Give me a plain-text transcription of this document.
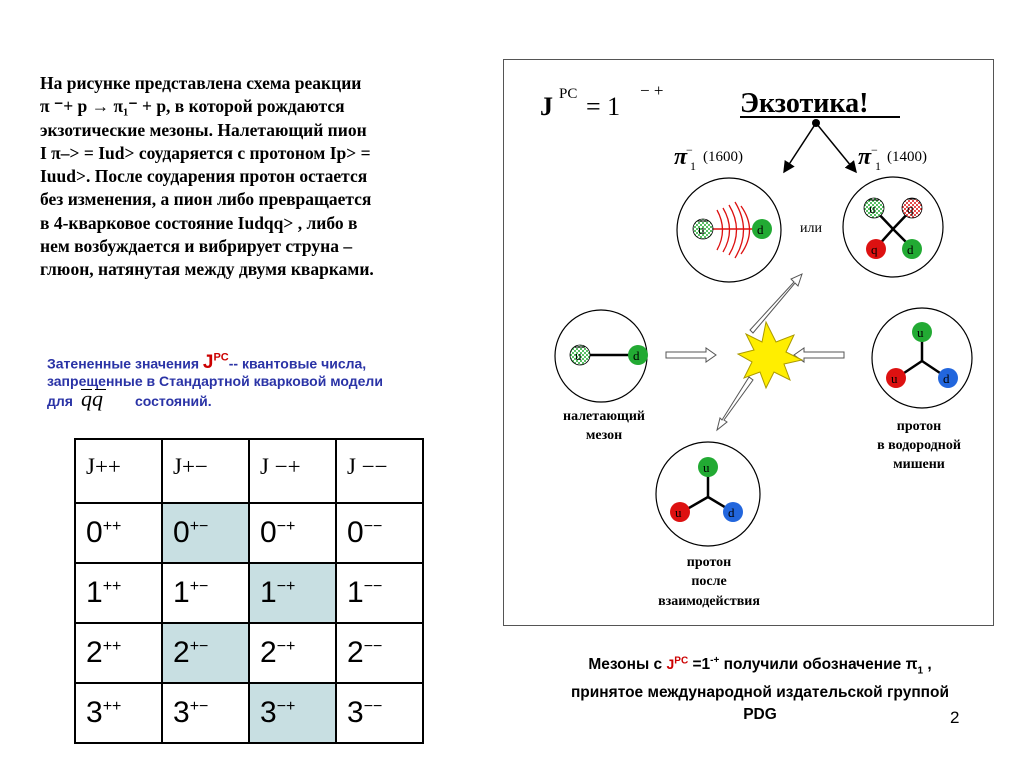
На рисунке представлена схема реакции
π ⁻+ p → π₁⁻ + p, в которой рождаются
экзотические мезоны. Налетающий пион
I π–> = Iud> соударяется с протоном Ip> =
Iuud>. После соударения протон остается
без изменения, а пион либо превращается
в 4-кварковое состояние Iudqq> , либо в
нем возбуждается и вибрирует струна –
глюон, натянутая между двумя кварками.
Затененные значения $J^{PC}--$ квантовые числа,
запрещенные в Стандартной кварковой модели
для qq состояний.
J++	J+−	J −+	J −−
0++	0+−	0−+	0−−
1++	1+−	1−+	1−−
2++	2+−	2−+	2−−
3++	3+−	3−+	3−−
J PC = 1
− +	Экзотика!
π
−
1
(1600)	π −
1
(1400)
u	d	или
u q
q d
u	d
налетающий
мезон
u
u	d
протон
в водородной
мишени
u
u	d
протон
после
взаимодействия
Мезоны с $J^{PC} =1^{-+}$ получили обозначение $\pi_1$ ,
принятое международной издательской группой
PDG	2
